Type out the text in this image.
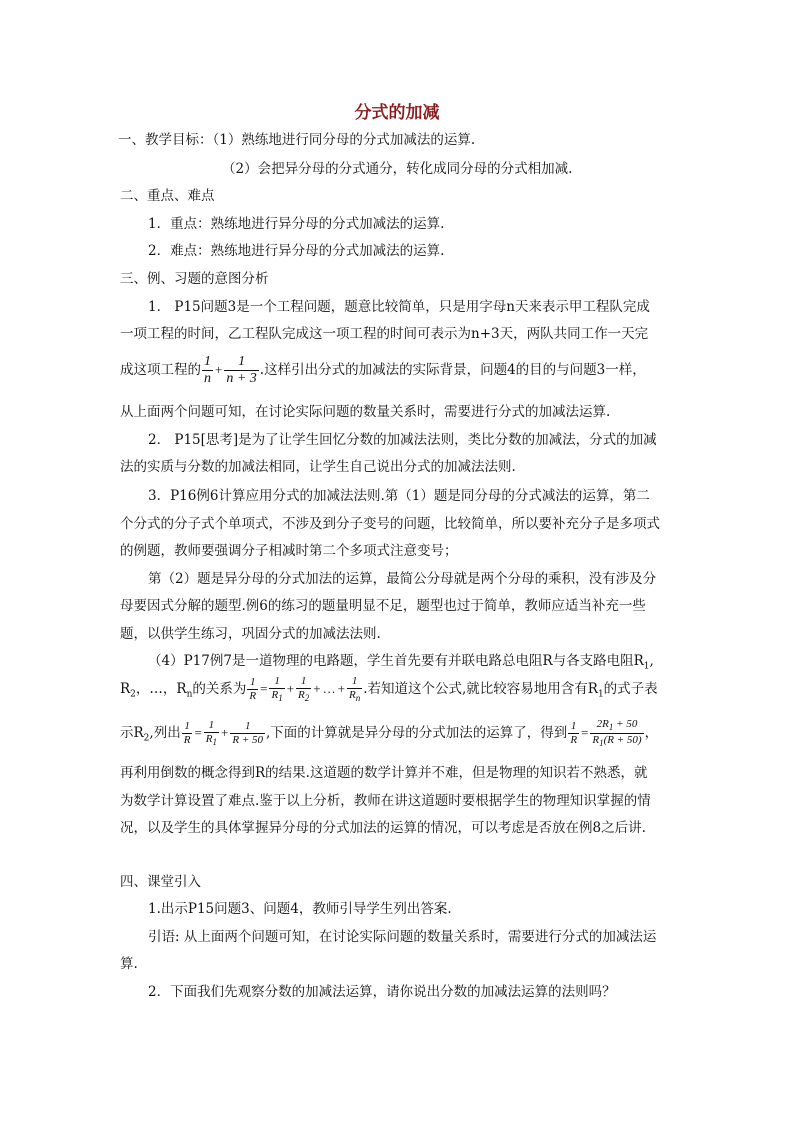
分式的加减
一、教学目标：（1）熟练地进行同分母的分式加减法的运算.
（2）会把异分母的分式通分，转化成同分母的分式相加减.
二、重点、难点
1．重点：熟练地进行异分母的分式加减法的运算.
2．难点：熟练地进行异分母的分式加减法的运算.
三、例、习题的意图分析
1． P15问题3是一个工程问题，题意比较简单，只是用字母n天来表示甲工程队完成
一项工程的时间，乙工程队完成这一项工程的时间可表示为n+3天，两队共同工作一天完
成这项工程的 $\frac{1}{n} + \frac{1}{n + 3}$ .这样引出分式的加减法的实际背景，问题4的目的与问题3一样，
从上面两个问题可知，在讨论实际问题的数量关系时，需要进行分式的加减法运算.
2． P15[思考]是为了让学生回忆分数的加减法法则，类比分数的加减法，分式的加减
法的实质与分数的加减法相同，让学生自己说出分式的加减法法则.
3．P16例6计算应用分式的加减法法则.第（1）题是同分母的分式减法的运算，第二
个分式的分子式个单项式，不涉及到分子变号的问题，比较简单，所以要补充分子是多项式
的例题，教师要强调分子相减时第二个多项式注意变号；
第（2）题是异分母的分式加法的运算，最简公分母就是两个分母的乘积，没有涉及分
母要因式分解的题型.例6的练习的题量明显不足，题型也过于简单，教师应适当补充一些
题，以供学生练习，巩固分式的加减法法则.
（4）P17例7是一道物理的电路题，学生首先要有并联电路总电阻R与各支路电阻$R_1$,
$R_2$，…，$R_n$的关系为 $\frac{1}{R} = \frac{1}{R_1} + \frac{1}{R_2}$ + … + $\frac{1}{R_n}$ .若知道这个公式,就比较容易地用含有$R_1$的式子表
示$R_2$,列出 $\frac{1}{R} = \frac{1}{R_1} + \frac{1}{R + 50}$ ,下面的计算就是异分母的分式加法的运算了，得到 $\frac{1}{R} = \frac{2R_1 + 50}{R_1(R + 50)}$ ，
再利用倒数的概念得到R的结果.这道题的数学计算并不难，但是物理的知识若不熟悉，就
为数学计算设置了难点.鉴于以上分析，教师在讲这道题时要根据学生的物理知识掌握的情
况，以及学生的具体掌握异分母的分式加法的运算的情况，可以考虑是否放在例8之后讲.
四、课堂引入
1.出示P15问题3、问题4，教师引导学生列出答案.
引语: 从上面两个问题可知，在讨论实际问题的数量关系时，需要进行分式的加减法运
算.
2．下面我们先观察分数的加减法运算，请你说出分数的加减法运算的法则吗？
